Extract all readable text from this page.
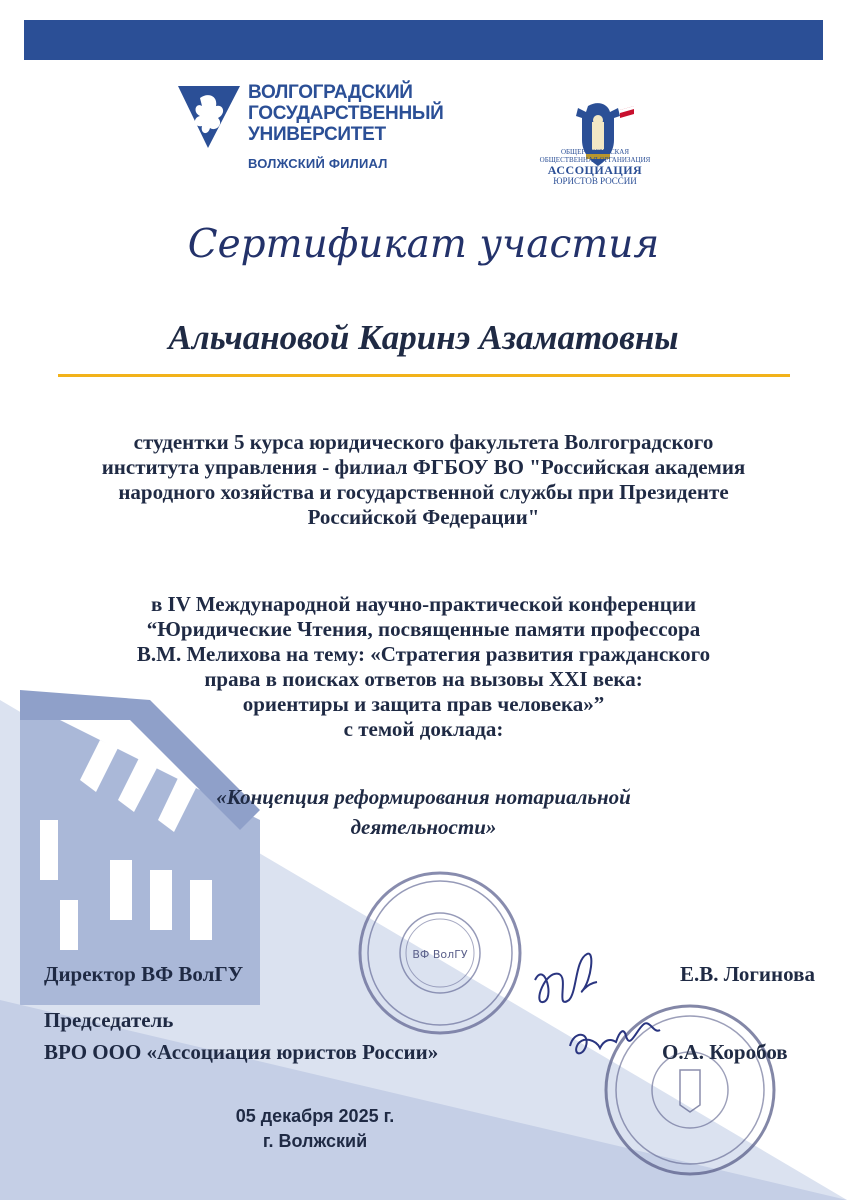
ВОЛГОГРАДСКИЙ
ГОСУДАРСТВЕННЫЙ
УНИВЕРСИТЕТ
ВОЛЖСКИЙ ФИЛИАЛ
ОБЩЕРОССИЙСКАЯ
ОБЩЕСТВЕННАЯ ОРГАНИЗАЦИЯ
АССОЦИАЦИЯ
ЮРИСТОВ РОССИИ
Сертификат участия
Альчановой Каринэ Азаматовны
студентки 5 курса юридического факультета Волгоградского
института управления - филиал ФГБОУ ВО "Российская академия
народного хозяйства и государственной службы при Президенте
Российской Федерации"
в IV Международной научно-практической конференции
“Юридические Чтения, посвященные памяти профессора
В.М. Мелихова на тему: «Стратегия развития гражданского
права в поисках ответов на вызовы XXI века:
ориентиры и защита прав человека»”
с темой доклада:
«Концепция реформирования нотариальной
деятельности»
ВФ ВолГУ
Директор ВФ ВолГУ	Е.В. Логинова
Председатель
ВРО ООО «Ассоциация юристов России»	О.А. Коробов
05 декабря 2025 г.
г. Волжский
